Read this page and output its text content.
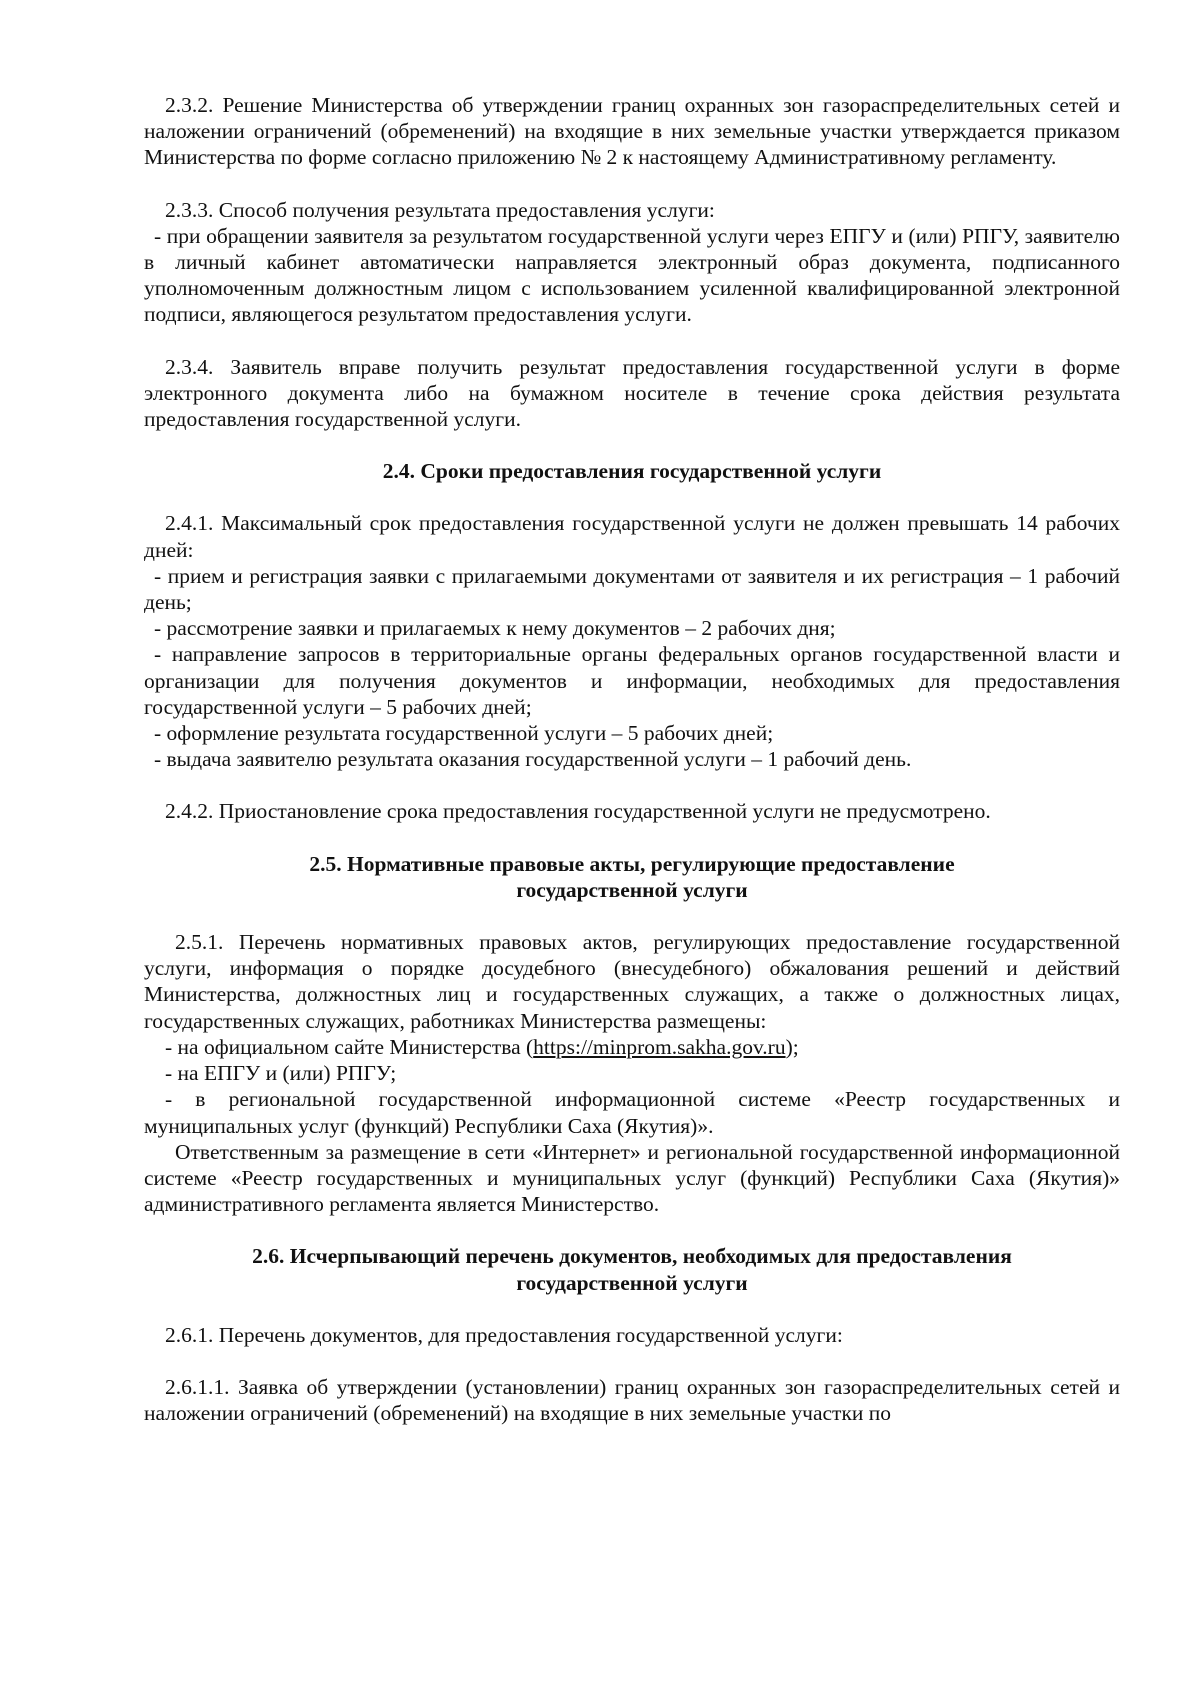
2.3.2. Решение Министерства об утверждении границ охранных зон газораспределительных сетей и наложении ограничений (обременений) на входящие в них земельные участки утверждается приказом Министерства по форме согласно приложению № 2 к настоящему Административному регламенту.

2.3.3. Способ получения результата предоставления услуги:

- при обращении заявителя за результатом государственной услуги через ЕПГУ и (или) РПГУ, заявителю в личный кабинет автоматически направляется электронный образ документа, подписанного уполномоченным должностным лицом с использованием усиленной квалифицированной электронной подписи, являющегося результатом предоставления услуги.

2.3.4. Заявитель вправе получить результат предоставления государственной услуги в форме электронного документа либо на бумажном носителе в течение срока действия результата предоставления государственной услуги.

2.4. Сроки предоставления государственной услуги

2.4.1. Максимальный срок предоставления государственной услуги не должен превышать 14 рабочих дней:

- прием и регистрация заявки с прилагаемыми документами от заявителя и их регистрация – 1 рабочий день;

- рассмотрение заявки и прилагаемых к нему документов – 2 рабочих дня;

- направление запросов в территориальные органы федеральных органов государственной власти и организации для получения документов и информации, необходимых для предоставления государственной услуги – 5 рабочих дней;

- оформление результата государственной услуги – 5 рабочих дней;

- выдача заявителю результата оказания государственной услуги – 1 рабочий день.

2.4.2. Приостановление срока предоставления государственной услуги не предусмотрено.

2.5. Нормативные правовые акты, регулирующие предоставление

государственной услуги

2.5.1. Перечень нормативных правовых актов, регулирующих предоставление государственной услуги, информация о порядке досудебного (внесудебного) обжалования решений и действий Министерства, должностных лиц и государственных служащих, а также о должностных лицах, государственных служащих, работниках Министерства размещены:

- на официальном сайте Министерства (https://minprom.sakha.gov.ru);

- на ЕПГУ и (или) РПГУ;

- в региональной государственной информационной системе «Реестр государственных и муниципальных услуг (функций) Республики Саха (Якутия)».

Ответственным за размещение в сети «Интернет» и региональной государственной информационной системе «Реестр государственных и муниципальных услуг (функций) Республики Саха (Якутия)» административного регламента является Министерство.

2.6. Исчерпывающий перечень документов, необходимых для предоставления

государственной услуги

2.6.1. Перечень документов, для предоставления государственной услуги:

2.6.1.1. Заявка об утверждении (установлении) границ охранных зон газораспределительных сетей и наложении ограничений (обременений) на входящие в них земельные участки по
